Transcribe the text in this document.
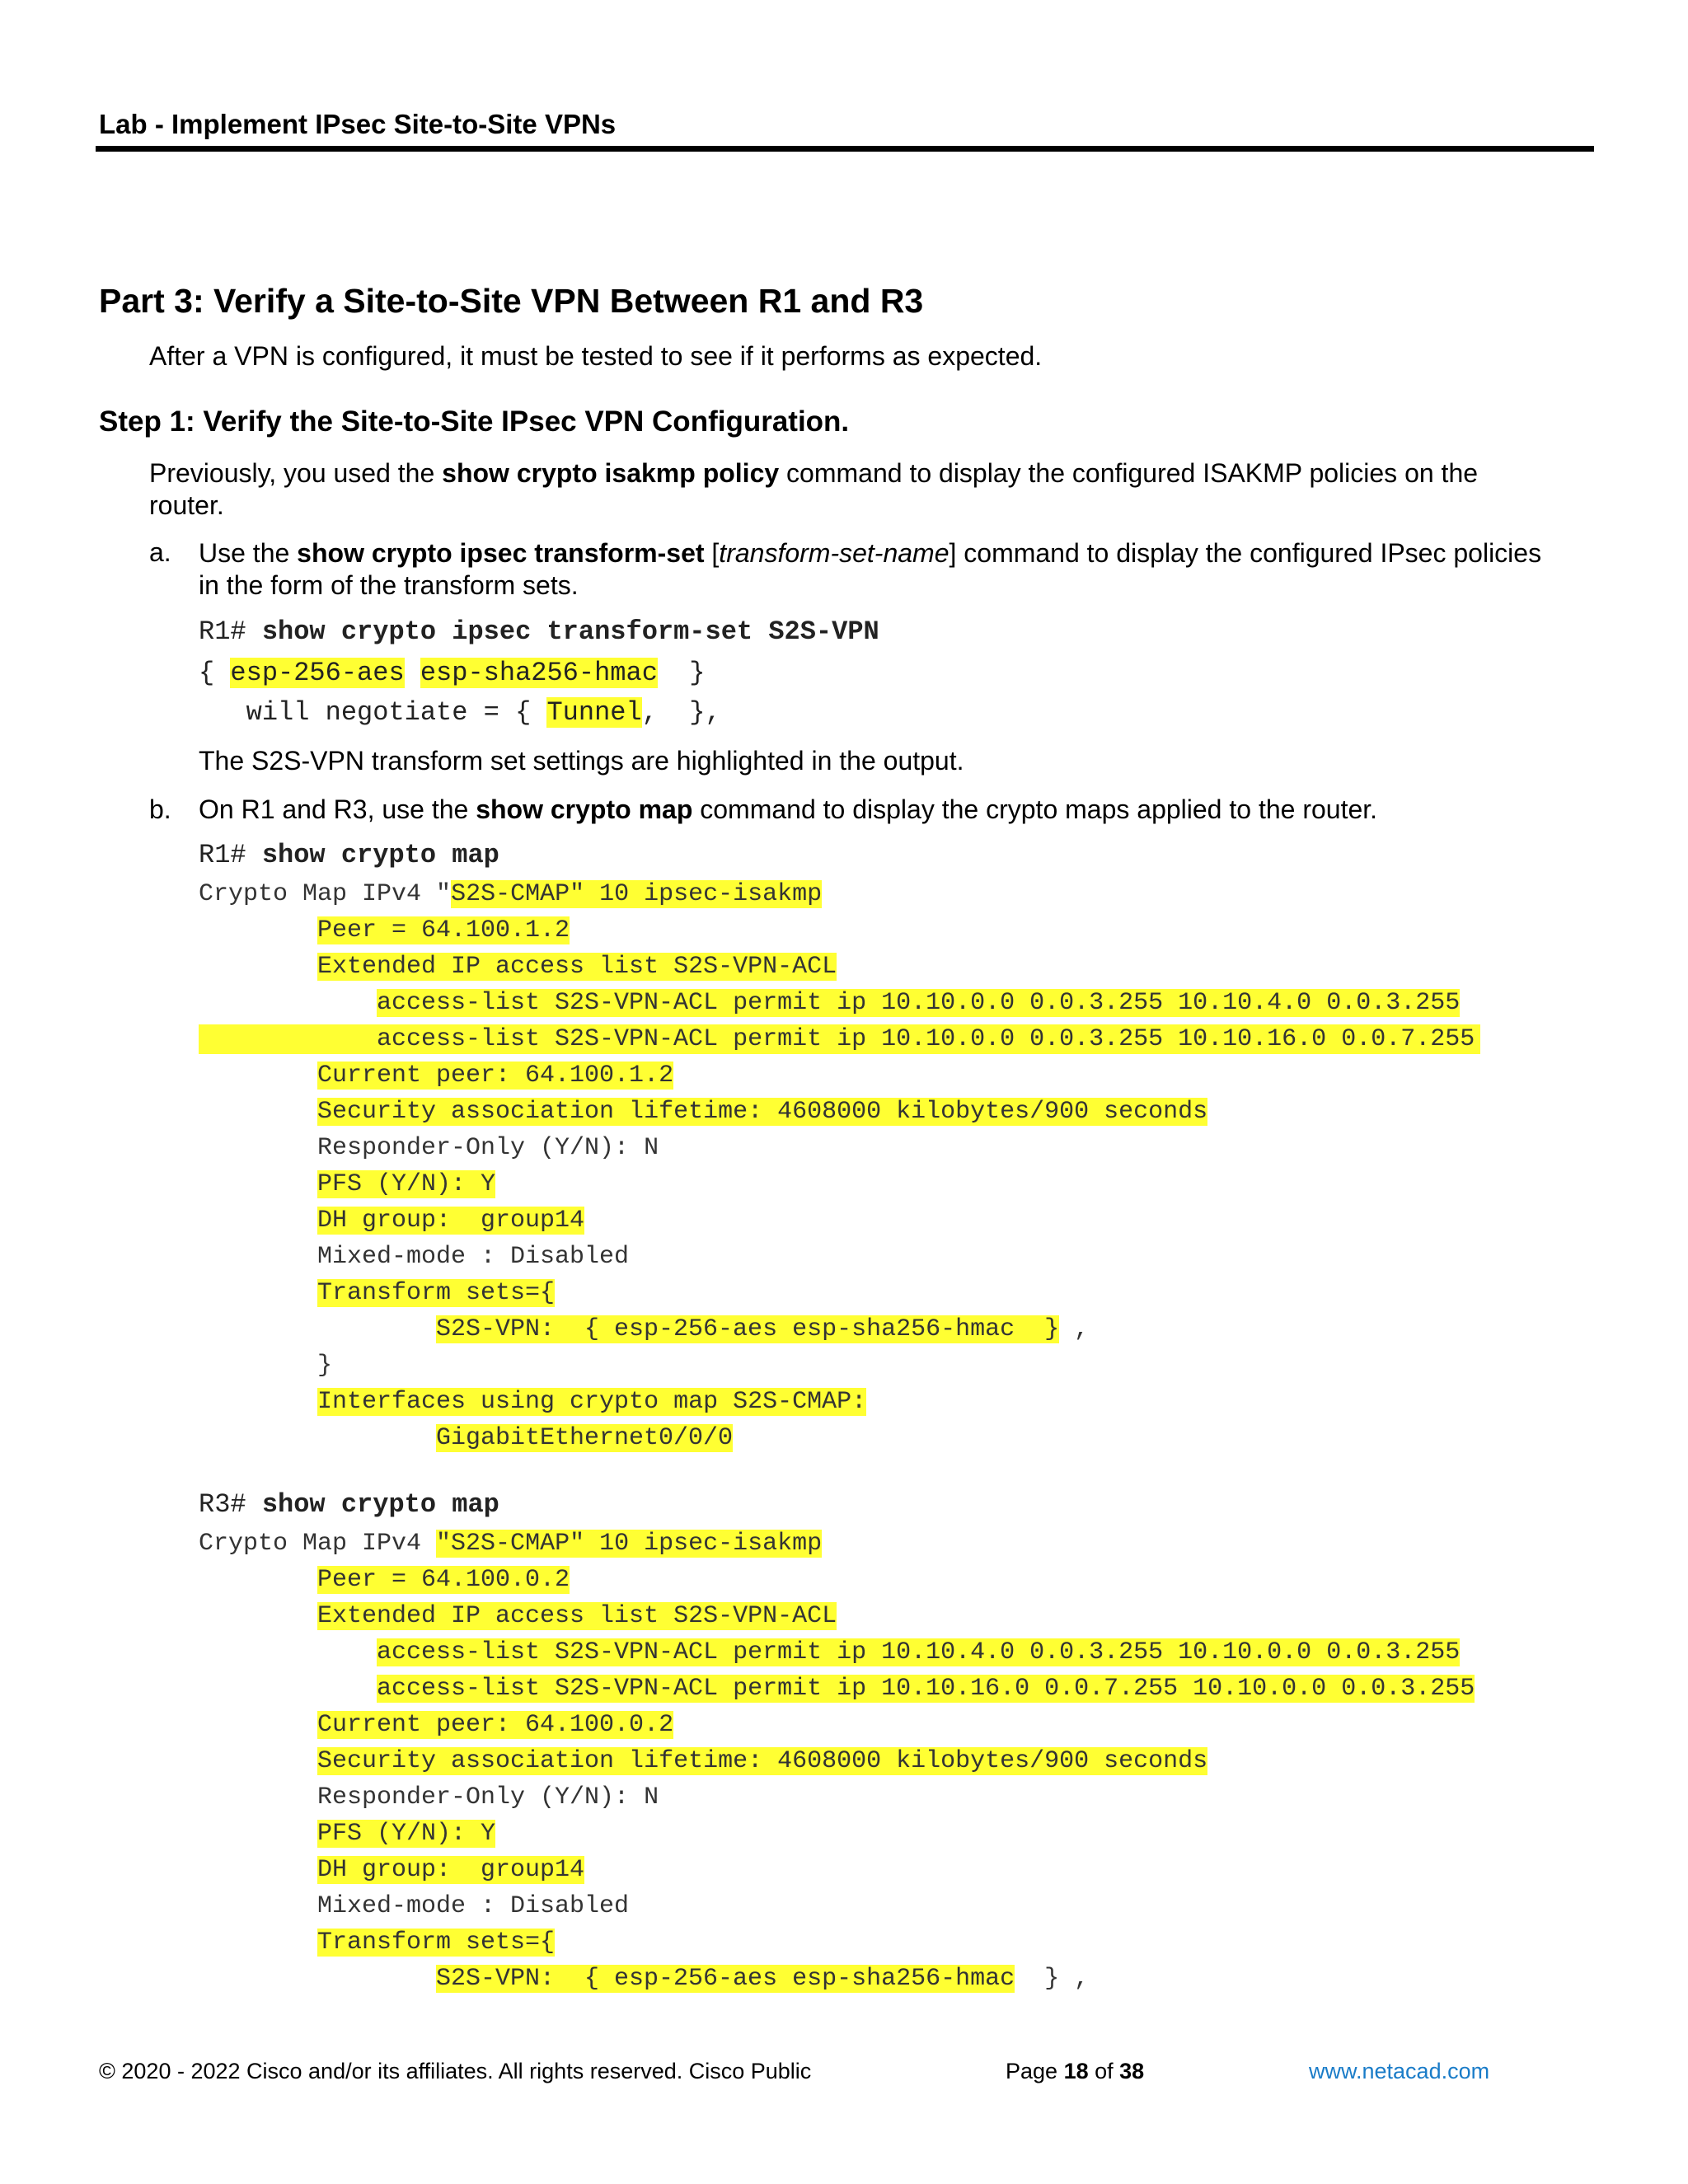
Lab - Implement IPsec Site-to-Site VPNs
Part 3: Verify a Site-to-Site VPN Between R1 and R3
After a VPN is configured, it must be tested to see if it performs as expected.
Step 1: Verify the Site-to-Site IPsec VPN Configuration.
Previously, you used the show crypto isakmp policy command to display the configured ISAKMP policies on the router.
a. Use the show crypto ipsec transform-set [transform-set-name] command to display the configured IPsec policies in the form of the transform sets.
R1# show crypto ipsec transform-set S2S-VPN
{ esp-256-aes esp-sha256-hmac  }
will negotiate = { Tunnel,  },
The S2S-VPN transform set settings are highlighted in the output.
b. On R1 and R3, use the show crypto map command to display the crypto maps applied to the router.
R1# show crypto map
Crypto Map IPv4 "S2S-CMAP" 10 ipsec-isakmp
Peer = 64.100.1.2
Extended IP access list S2S-VPN-ACL
access-list S2S-VPN-ACL permit ip 10.10.0.0 0.0.3.255 10.10.4.0 0.0.3.255
access-list S2S-VPN-ACL permit ip 10.10.0.0 0.0.3.255 10.10.16.0 0.0.7.255
Current peer: 64.100.1.2
Security association lifetime: 4608000 kilobytes/900 seconds
Responder-Only (Y/N): N
PFS (Y/N): Y
DH group:  group14
Mixed-mode : Disabled
Transform sets={
S2S-VPN:  { esp-256-aes esp-sha256-hmac  } ,
}
Interfaces using crypto map S2S-CMAP:
GigabitEthernet0/0/0
R3# show crypto map
Crypto Map IPv4 "S2S-CMAP" 10 ipsec-isakmp
Peer = 64.100.0.2
Extended IP access list S2S-VPN-ACL
access-list S2S-VPN-ACL permit ip 10.10.4.0 0.0.3.255 10.10.0.0 0.0.3.255
access-list S2S-VPN-ACL permit ip 10.10.16.0 0.0.7.255 10.10.0.0 0.0.3.255
Current peer: 64.100.0.2
Security association lifetime: 4608000 kilobytes/900 seconds
Responder-Only (Y/N): N
PFS (Y/N): Y
DH group:  group14
Mixed-mode : Disabled
Transform sets={
S2S-VPN:  { esp-256-aes esp-sha256-hmac  } ,
© 2020 - 2022 Cisco and/or its affiliates. All rights reserved. Cisco Public	Page 18 of 38	www.netacad.com
